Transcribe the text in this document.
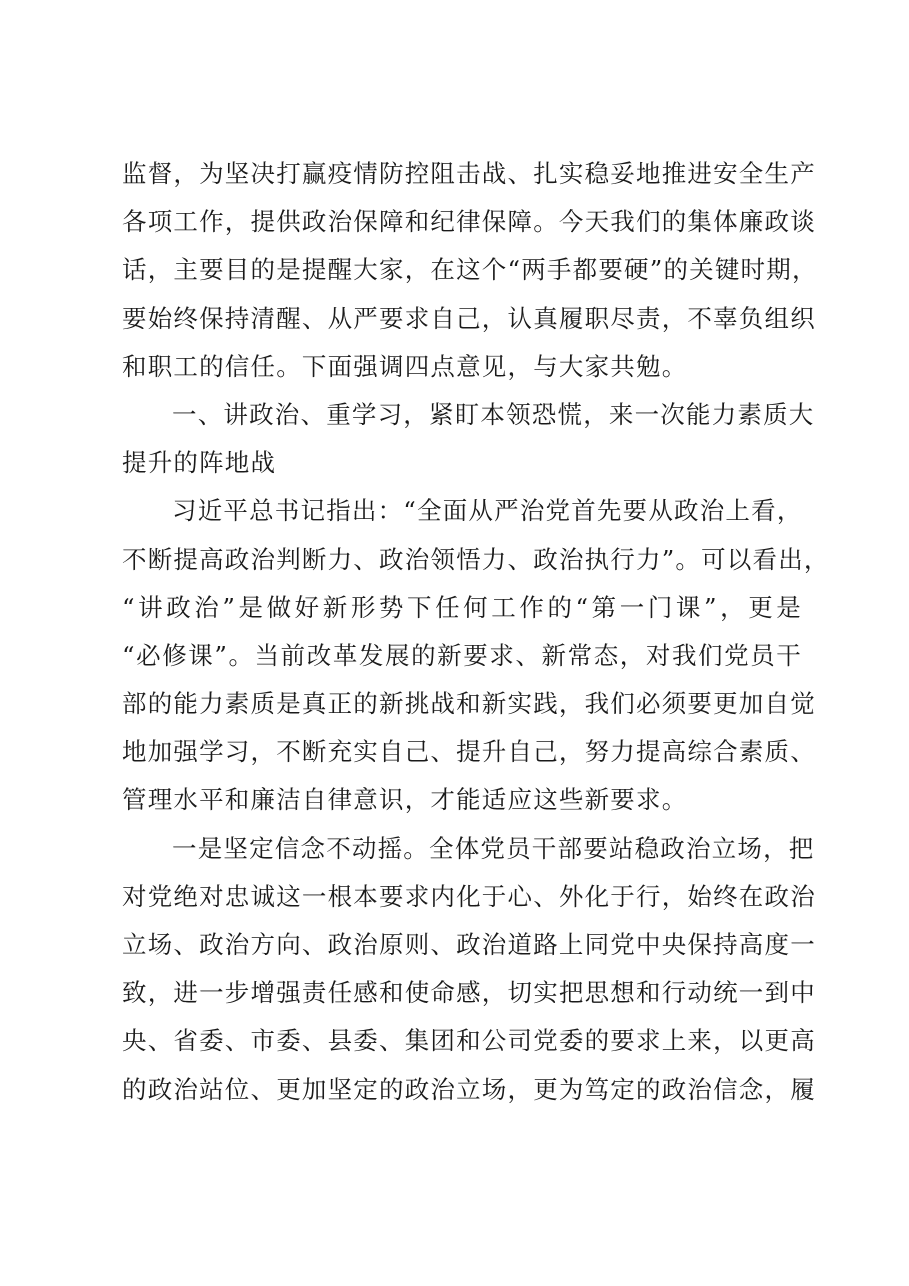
监督，为坚决打赢疫情防控阻击战、扎实稳妥地推进安全生产
各项工作，提供政治保障和纪律保障。今天我们的集体廉政谈
话，主要目的是提醒大家，在这个“两手都要硬”的关键时期，
要始终保持清醒、从严要求自己，认真履职尽责，不辜负组织
和职工的信任。下面强调四点意见，与大家共勉。
一、讲政治、重学习，紧盯本领恐慌，来一次能力素质大
提升的阵地战
习近平总书记指出：“全面从严治党首先要从政治上看，
不断提高政治判断力、政治领悟力、政治执行力”。可以看出，
“讲政治”是做好新形势下任何工作的“第一门课”，更是
“必修课”。当前改革发展的新要求、新常态，对我们党员干
部的能力素质是真正的新挑战和新实践，我们必须要更加自觉
地加强学习，不断充实自己、提升自己，努力提高综合素质、
管理水平和廉洁自律意识，才能适应这些新要求。
一是坚定信念不动摇。全体党员干部要站稳政治立场，把
对党绝对忠诚这一根本要求内化于心、外化于行，始终在政治
立场、政治方向、政治原则、政治道路上同党中央保持高度一
致，进一步增强责任感和使命感，切实把思想和行动统一到中
央、省委、市委、县委、集团和公司党委的要求上来，以更高
的政治站位、更加坚定的政治立场，更为笃定的政治信念，履
